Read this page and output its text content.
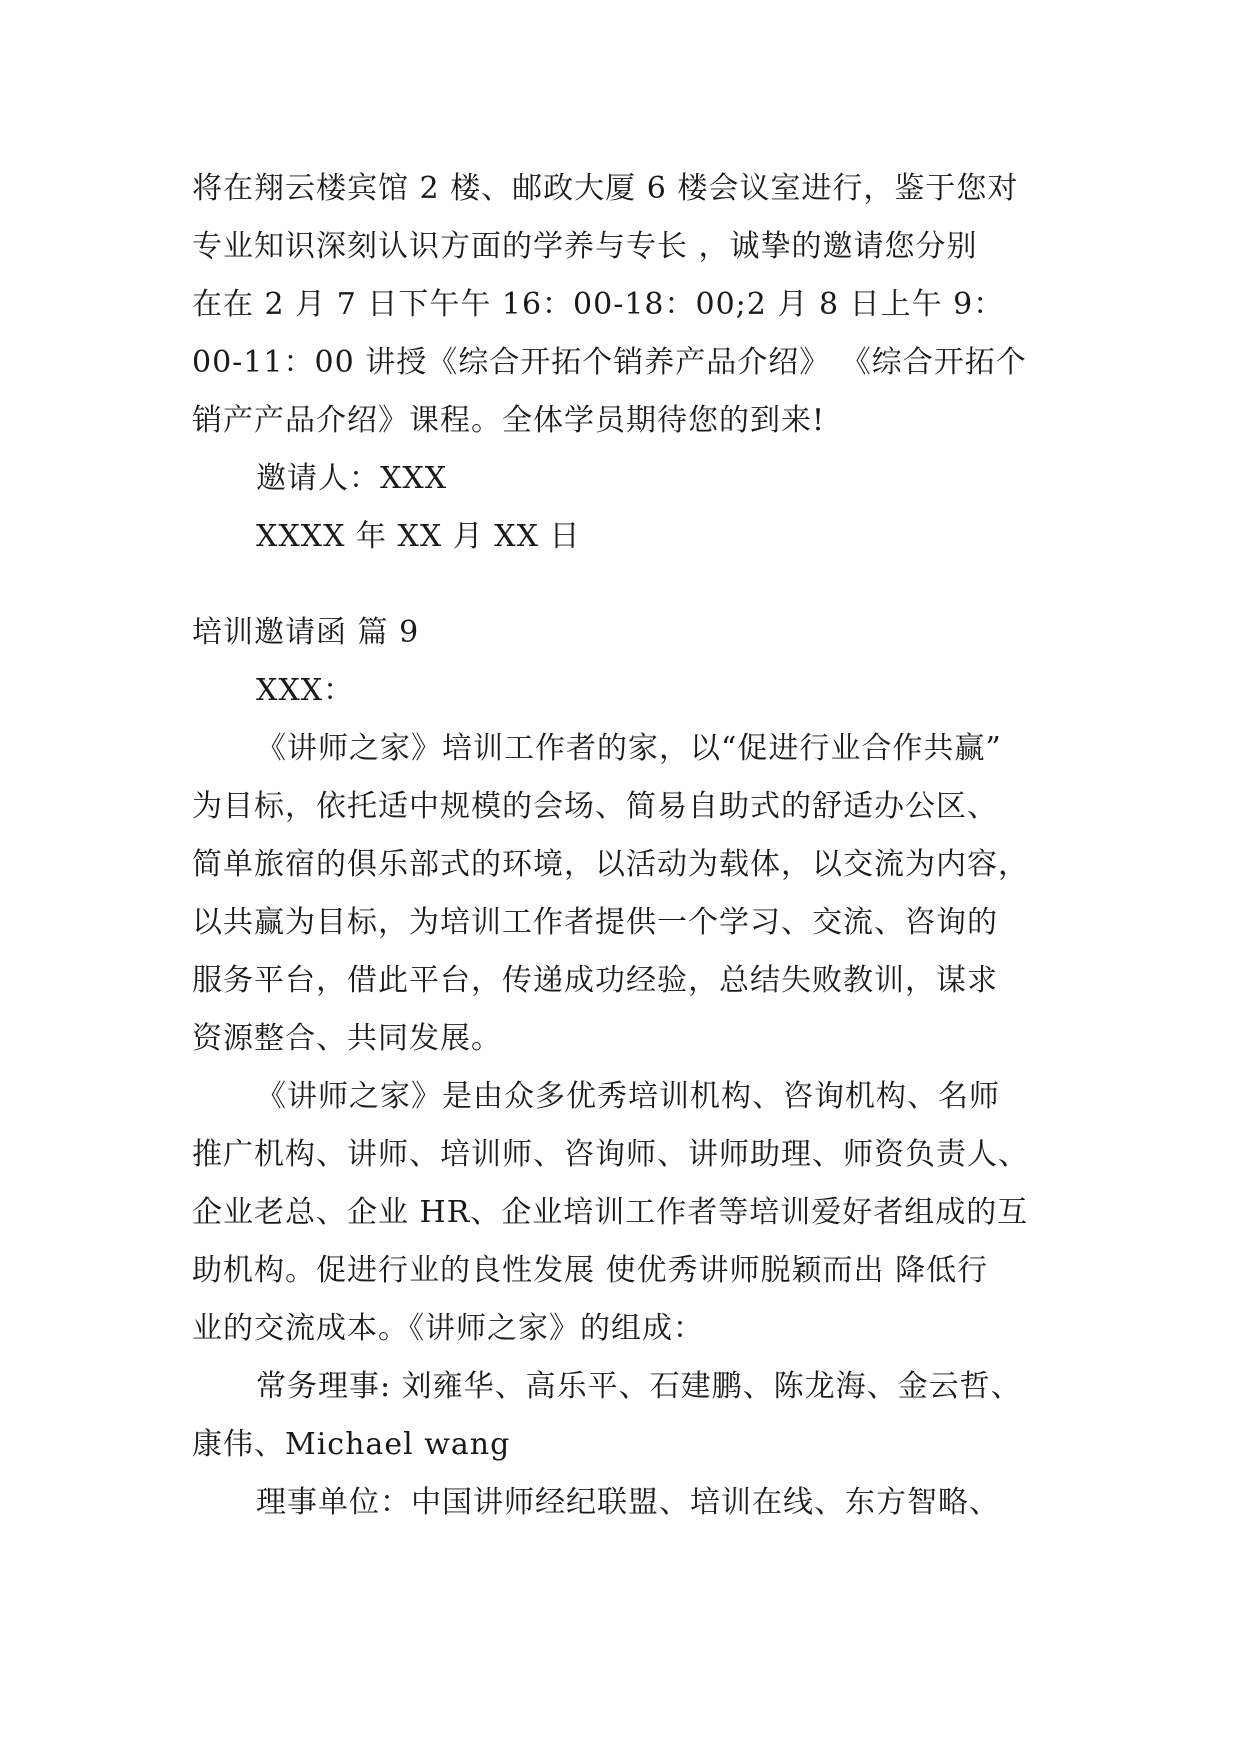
将在翔云楼宾馆 2 楼、邮政大厦 6 楼会议室进行，鉴于您对
专业知识深刻认识方面的学养与专长 ，诚挚的邀请您分别
在在 2 月 7 日下午午 16：00-18：00;2 月 8 日上午 9：
00-11：00 讲授《综合开拓个销养产品介绍》 《综合开拓个
销产产品介绍》课程。全体学员期待您的到来!
邀请人：XXX
XXXX 年 XX 月 XX 日
培训邀请函 篇 9
XXX：
《讲师之家》培训工作者的家，以“促进行业合作共赢”
为目标，依托适中规模的会场、简易自助式的舒适办公区、
简单旅宿的俱乐部式的环境，以活动为载体，以交流为内容，
以共赢为目标，为培训工作者提供一个学习、交流、咨询的
服务平台，借此平台，传递成功经验，总结失败教训，谋求
资源整合、共同发展。
《讲师之家》是由众多优秀培训机构、咨询机构、名师
推广机构、讲师、培训师、咨询师、讲师助理、师资负责人、
企业老总、企业 HR、企业培训工作者等培训爱好者组成的互
助机构。促进行业的良性发展 使优秀讲师脱颖而出 降低行
业的交流成本。《讲师之家》的组成：
常务理事: 刘雍华、高乐平、石建鹏、陈龙海、金云哲、
康伟、Michael wang
理事单位：中国讲师经纪联盟、培训在线、东方智略、
